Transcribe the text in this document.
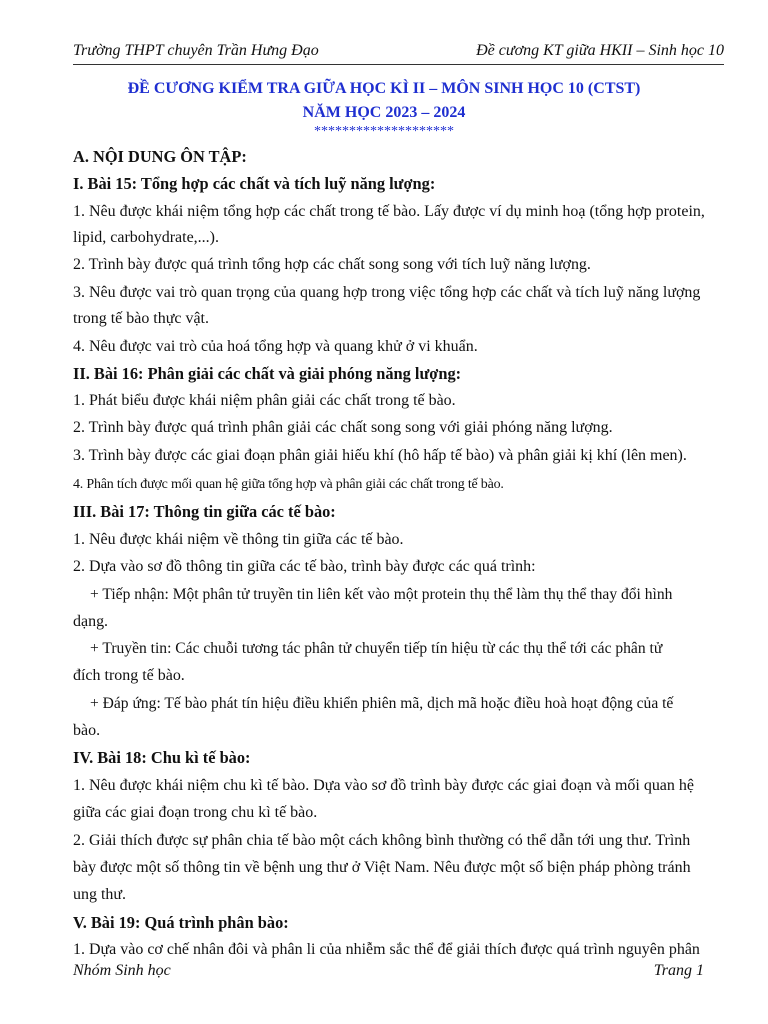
Trường THPT chuyên Trần Hưng Đạo	Đề cương KT giữa HKII – Sinh học 10
ĐỀ CƯƠNG KIỂM TRA GIỮA HỌC KÌ II – MÔN SINH HỌC 10 (CTST)
NĂM HỌC 2023 – 2024
********************
A. NỘI DUNG ÔN TẬP:
I. Bài 15: Tổng hợp các chất và tích luỹ năng lượng:
1. Nêu được khái niệm tổng hợp các chất trong tế bào. Lấy được ví dụ minh hoạ (tổng hợp protein,
lipid, carbohydrate,...).
2. Trình bày được quá trình tổng hợp các chất song song với tích luỹ năng lượng.
3. Nêu được vai trò quan trọng của quang hợp trong việc tổng hợp các chất và tích luỹ năng lượng
trong tế bào thực vật.
4. Nêu được vai trò của hoá tổng hợp và quang khử ở vi khuẩn.
II. Bài 16: Phân giải các chất và giải phóng năng lượng:
1. Phát biểu được khái niệm phân giải các chất trong tế bào.
2. Trình bày được quá trình phân giải các chất song song với giải phóng năng lượng.
3. Trình bày được các giai đoạn phân giải hiếu khí (hô hấp tế bào) và phân giải kị khí (lên men).
4. Phân tích được mối quan hệ giữa tổng hợp và phân giải các chất trong tế bào.
III. Bài 17: Thông tin giữa các tế bào:
1. Nêu được khái niệm về thông tin giữa các tế bào.
2. Dựa vào sơ đồ thông tin giữa các tế bào, trình bày được các quá trình:
+ Tiếp nhận: Một phân tử truyền tin liên kết vào một protein thụ thể làm thụ thể thay đổi hình
dạng.
+ Truyền tin: Các chuỗi tương tác phân tử chuyển tiếp tín hiệu từ các thụ thể tới các phân tử
đích trong tế bào.
+ Đáp ứng: Tế bào phát tín hiệu điều khiển phiên mã, dịch mã hoặc điều hoà hoạt động của tế
bào.
IV. Bài 18: Chu kì tế bào:
1. Nêu được khái niệm chu kì tế bào. Dựa vào sơ đồ trình bày được các giai đoạn và mối quan hệ
giữa các giai đoạn trong chu kì tế bào.
2. Giải thích được sự phân chia tế bào một cách không bình thường có thể dẫn tới ung thư. Trình
bày được một số thông tin về bệnh ung thư ở Việt Nam. Nêu được một số biện pháp phòng tránh
ung thư.
V. Bài 19: Quá trình phân bào:
1. Dựa vào cơ chế nhân đôi và phân li của nhiễm sắc thể để giải thích được quá trình nguyên phân
Nhóm Sinh học	Trang 1
